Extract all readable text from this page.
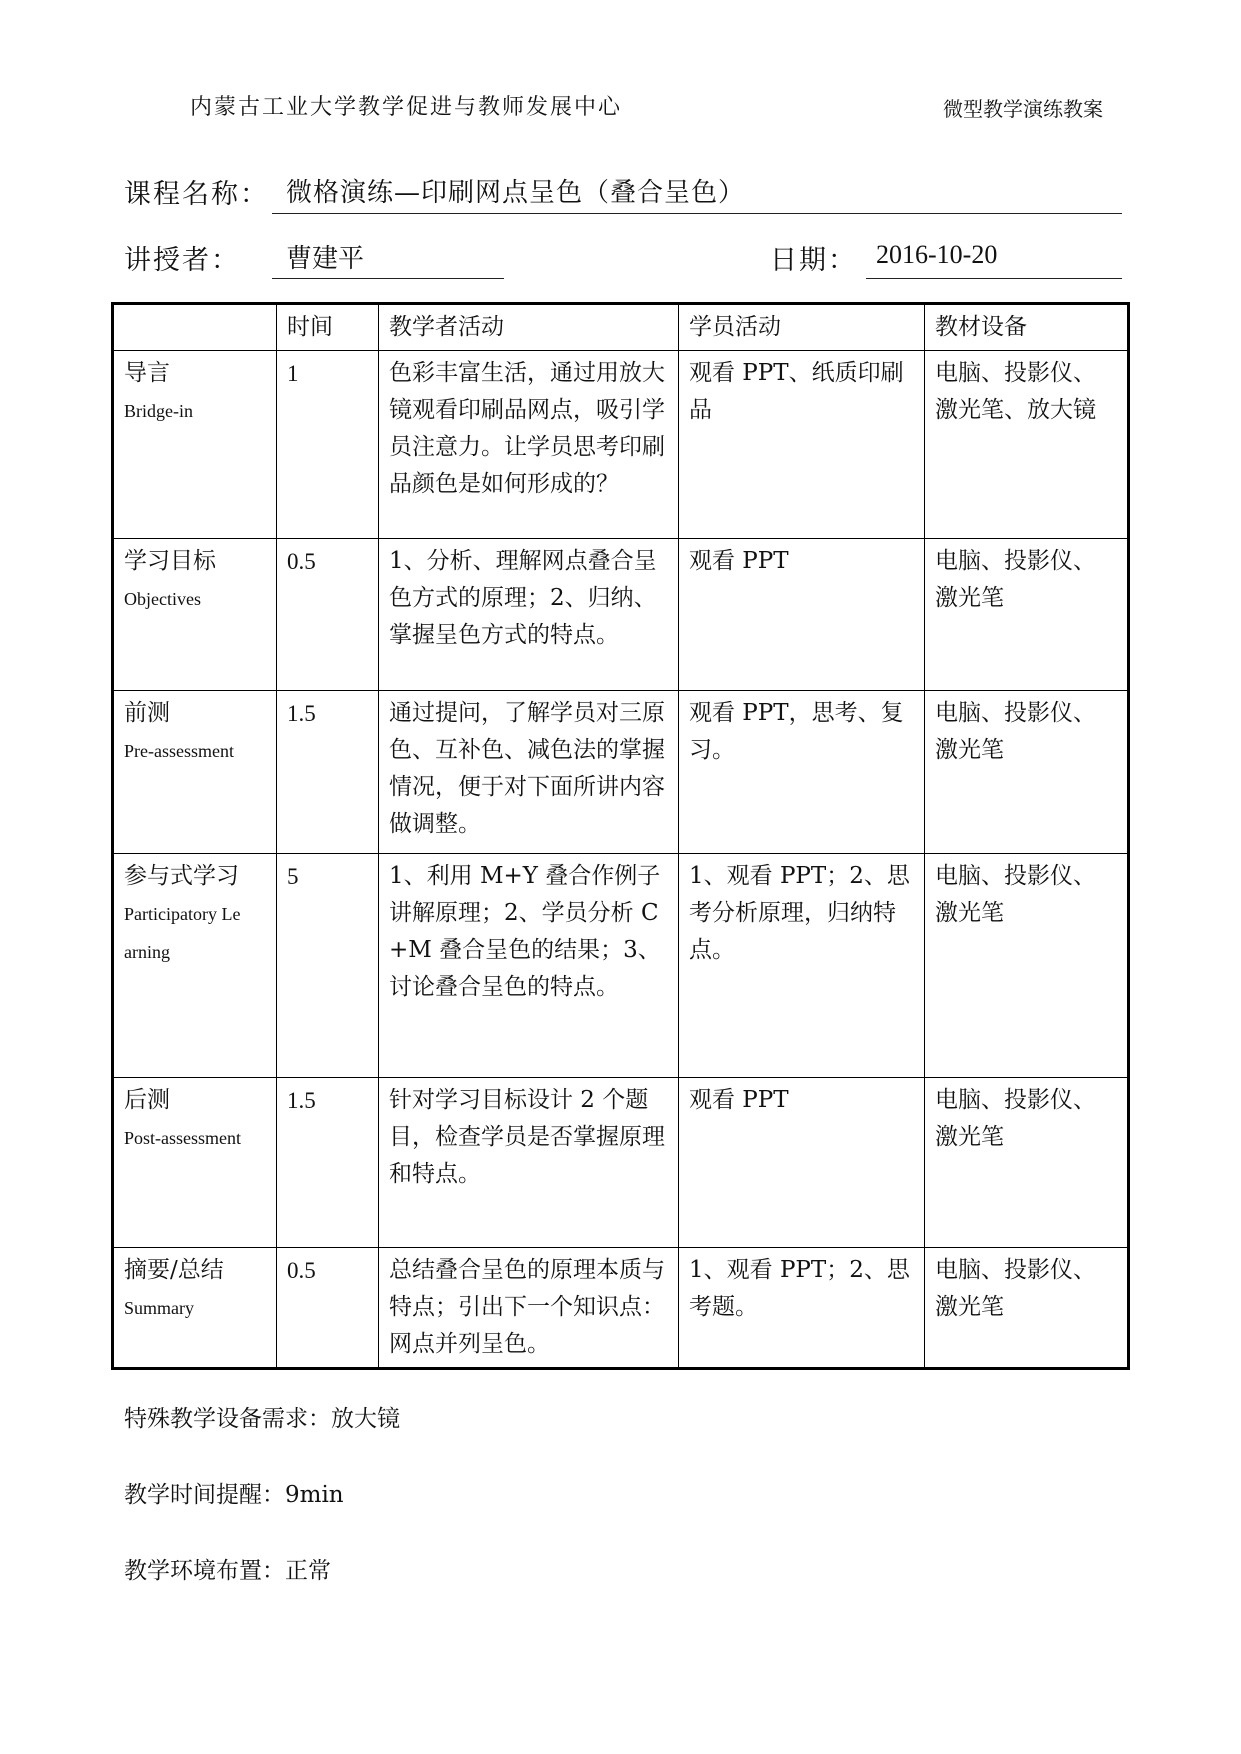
内蒙古工业大学教学促进与教师发展中心	微型教学演练教案
课程名称： 微格演练—印刷网点呈色（叠合呈色）
讲授者： 曹建平	日期： 2016-10-20
	时间	教学者活动	学员活动	教材设备

导言
Bridge-in	1	色彩丰富生活，通过用放大镜观看印刷品网点，吸引学员注意力。让学员思考印刷品颜色是如何形成的？	观看 PPT、纸质印刷品	电脑、投影仪、激光笔、放大镜

学习目标
Objectives	0.5	1、分析、理解网点叠合呈色方式的原理；2、归纳、掌握呈色方式的特点。	观看 PPT	电脑、投影仪、激光笔

前测
Pre-assessment	1.5	通过提问，了解学员对三原色、互补色、减色法的掌握情况，便于对下面所讲内容做调整。	观看 PPT，思考、复习。	电脑、投影仪、激光笔

参与式学习
Participatory Learning	5	1、利用 M+Y 叠合作例子讲解原理；2、学员分析 C+M 叠合呈色的结果；3、讨论叠合呈色的特点。	1、观看 PPT；2、思考分析原理，归纳特点。	电脑、投影仪、激光笔

后测
Post-assessment	1.5	针对学习目标设计 2 个题目，检查学员是否掌握原理和特点。	观看 PPT	电脑、投影仪、激光笔

摘要/总结
Summary	0.5	总结叠合呈色的原理本质与特点；引出下一个知识点：网点并列呈色。	1、观看 PPT；2、思考题。	电脑、投影仪、激光笔
特殊教学设备需求：放大镜
教学时间提醒：9min
教学环境布置：正常
